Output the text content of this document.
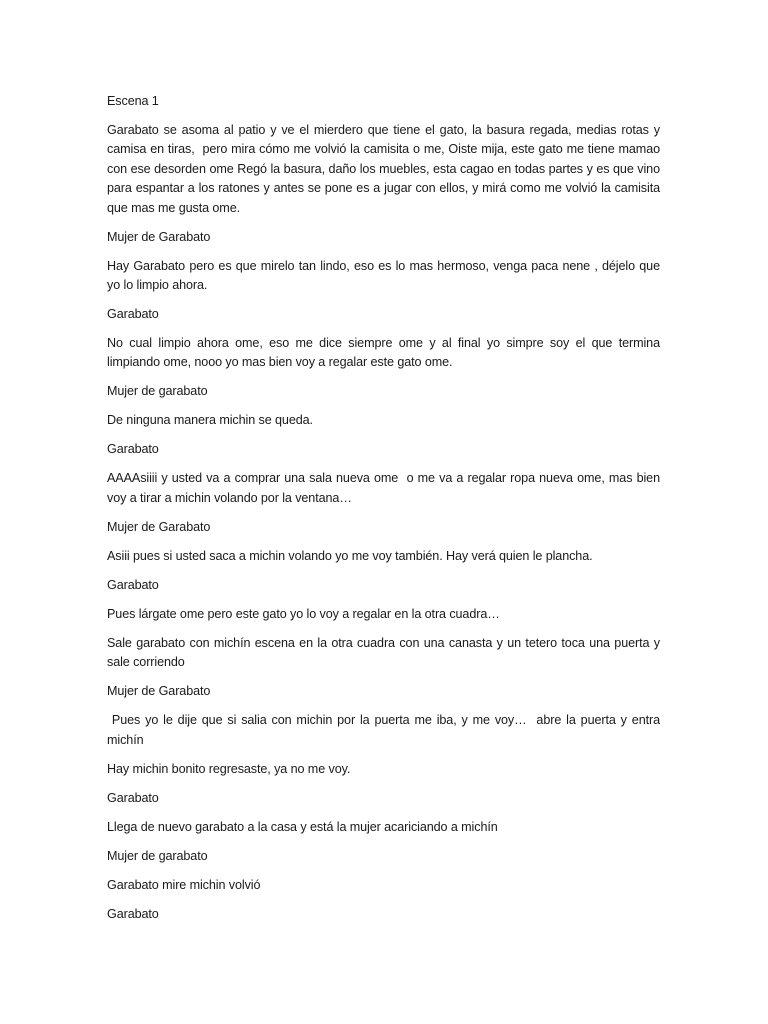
Escena 1

Garabato se asoma al patio y ve el mierdero que tiene el gato, la basura regada, medias rotas y camisa en tiras,  pero mira cómo me volvió la camisita o me, Oiste mija, este gato me tiene mamao con ese desorden ome Regó la basura, daño los muebles, esta cagao en todas partes y es que vino para espantar a los ratones y antes se pone es a jugar con ellos, y mirá como me volvió la camisita que mas me gusta ome.

Mujer de Garabato

Hay Garabato pero es que mirelo tan lindo, eso es lo mas hermoso, venga paca nene , déjelo que yo lo limpio ahora.

Garabato

No cual limpio ahora ome, eso me dice siempre ome y al final yo simpre soy el que termina limpiando ome, nooo yo mas bien voy a regalar este gato ome.

Mujer de garabato

De ninguna manera michin se queda.

Garabato

AAAAsiiii y usted va a comprar una sala nueva ome  o me va a regalar ropa nueva ome, mas bien voy a tirar a michin volando por la ventana…

Mujer de Garabato

Asiii pues si usted saca a michin volando yo me voy también. Hay verá quien le plancha.

Garabato

Pues lárgate ome pero este gato yo lo voy a regalar en la otra cuadra…

Sale garabato con michín escena en la otra cuadra con una canasta y un tetero toca una puerta y sale corriendo

Mujer de Garabato

Pues yo le dije que si salia con michin por la puerta me iba, y me voy…  abre la puerta y entra michín

Hay michin bonito regresaste, ya no me voy.

Garabato

Llega de nuevo garabato a la casa y está la mujer acariciando a michín

Mujer de garabato

Garabato mire michin volvió

Garabato
